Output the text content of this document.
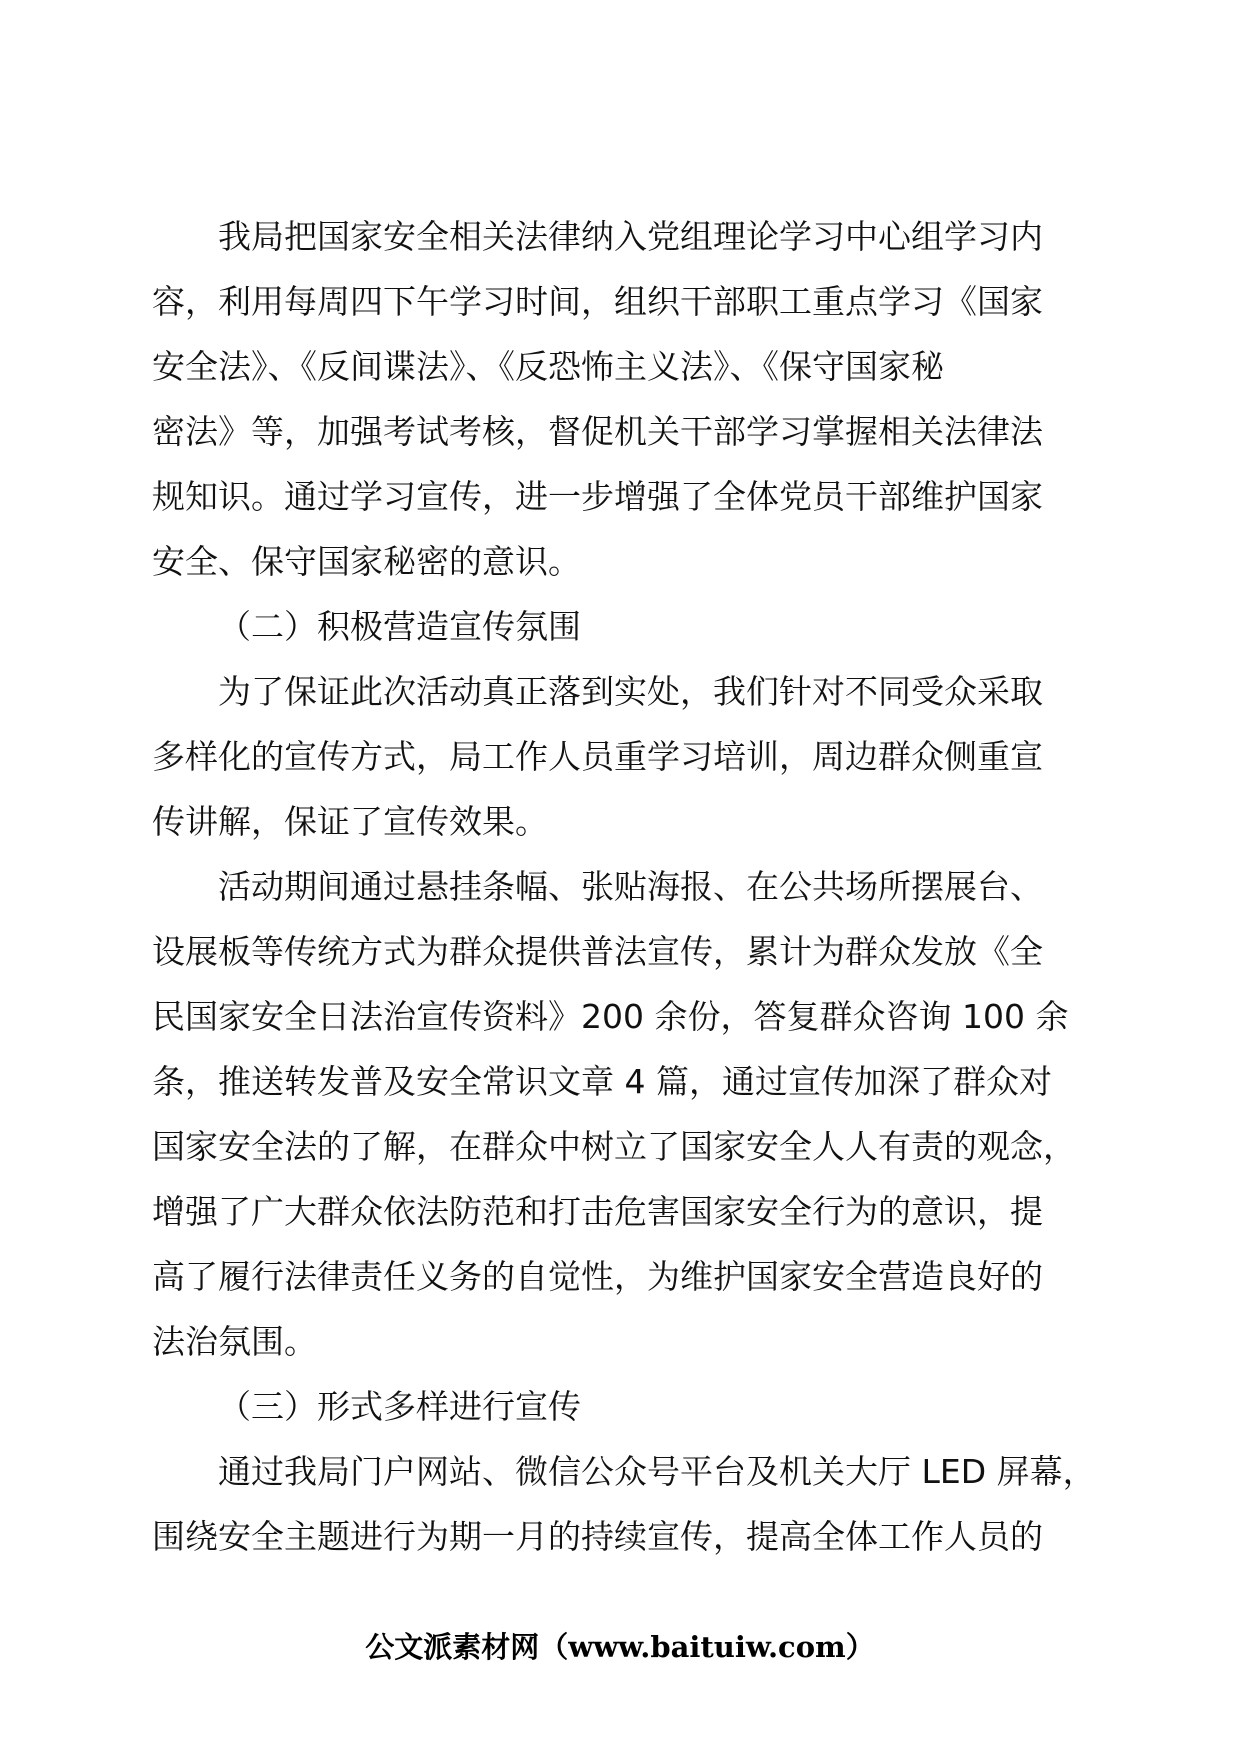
我局把国家安全相关法律纳入党组理论学习中心组学习内
容，利用每周四下午学习时间，组织干部职工重点学习《国家
安全法》、《反间谍法》、《反恐怖主义法》、《保守国家秘
密法》等，加强考试考核，督促机关干部学习掌握相关法律法
规知识。通过学习宣传，进一步增强了全体党员干部维护国家
安全、保守国家秘密的意识。
（二）积极营造宣传氛围
为了保证此次活动真正落到实处，我们针对不同受众采取
多样化的宣传方式，局工作人员重学习培训，周边群众侧重宣
传讲解，保证了宣传效果。
活动期间通过悬挂条幅、张贴海报、在公共场所摆展台、
设展板等传统方式为群众提供普法宣传，累计为群众发放《全
民国家安全日法治宣传资料》200 余份，答复群众咨询 100 余
条，推送转发普及安全常识文章 4 篇，通过宣传加深了群众对
国家安全法的了解，在群众中树立了国家安全人人有责的观念，
增强了广大群众依法防范和打击危害国家安全行为的意识，提
高了履行法律责任义务的自觉性，为维护国家安全营造良好的
法治氛围。
（三）形式多样进行宣传
通过我局门户网站、微信公众号平台及机关大厅 LED 屏幕，
围绕安全主题进行为期一月的持续宣传，提高全体工作人员的
公文派素材网（www.baituiw.com）
